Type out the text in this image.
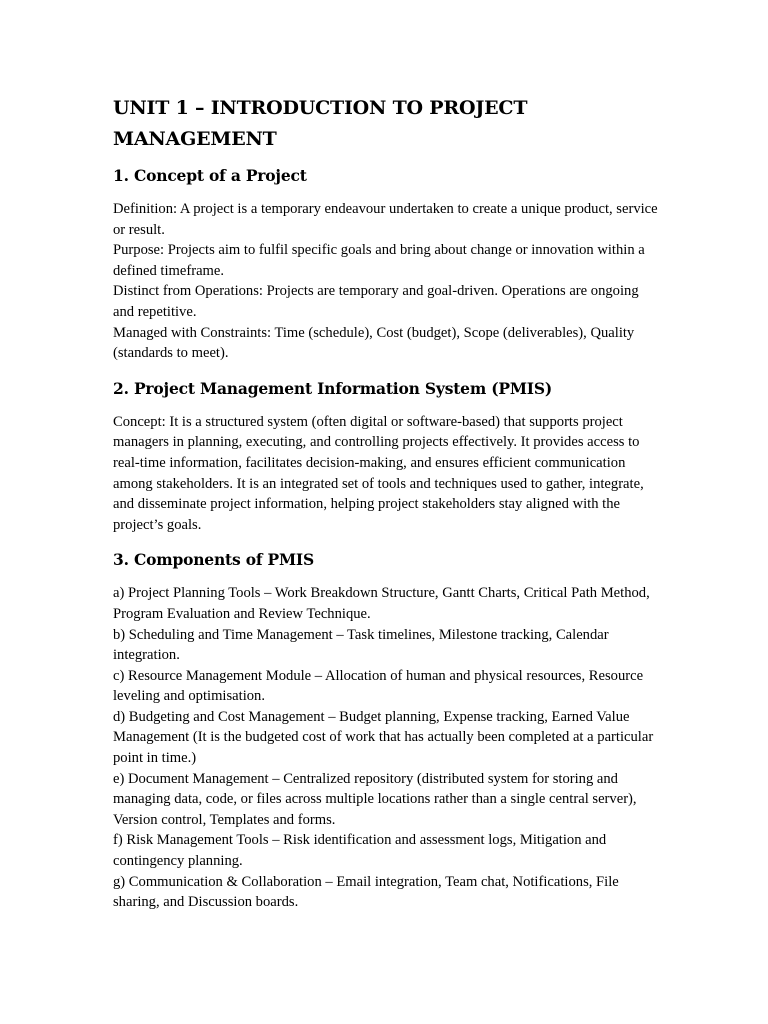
UNIT 1 – INTRODUCTION TO PROJECT MANAGEMENT
1. Concept of a Project

Definition: A project is a temporary endeavour undertaken to create a unique product, service or result.

Purpose: Projects aim to fulfil specific goals and bring about change or innovation within a defined timeframe.

Distinct from Operations: Projects are temporary and goal-driven. Operations are ongoing and repetitive.

Managed with Constraints: Time (schedule), Cost (budget), Scope (deliverables), Quality (standards to meet).

2. Project Management Information System (PMIS)

Concept: It is a structured system (often digital or software-based) that supports project managers in planning, executing, and controlling projects effectively. It provides access to real-time information, facilitates decision-making, and ensures efficient communication among stakeholders. It is an integrated set of tools and techniques used to gather, integrate, and disseminate project information, helping project stakeholders stay aligned with the project’s goals.

3. Components of PMIS

a) Project Planning Tools – Work Breakdown Structure, Gantt Charts, Critical Path Method, Program Evaluation and Review Technique.

b) Scheduling and Time Management – Task timelines, Milestone tracking, Calendar integration.

c) Resource Management Module – Allocation of human and physical resources, Resource leveling and optimisation.

d) Budgeting and Cost Management – Budget planning, Expense tracking, Earned Value Management (It is the budgeted cost of work that has actually been completed at a particular point in time.)

e) Document Management – Centralized repository (distributed system for storing and managing data, code, or files across multiple locations rather than a single central server), Version control, Templates and forms.

f) Risk Management Tools – Risk identification and assessment logs, Mitigation and contingency planning.

g) Communication & Collaboration – Email integration, Team chat, Notifications, File sharing, and Discussion boards.
